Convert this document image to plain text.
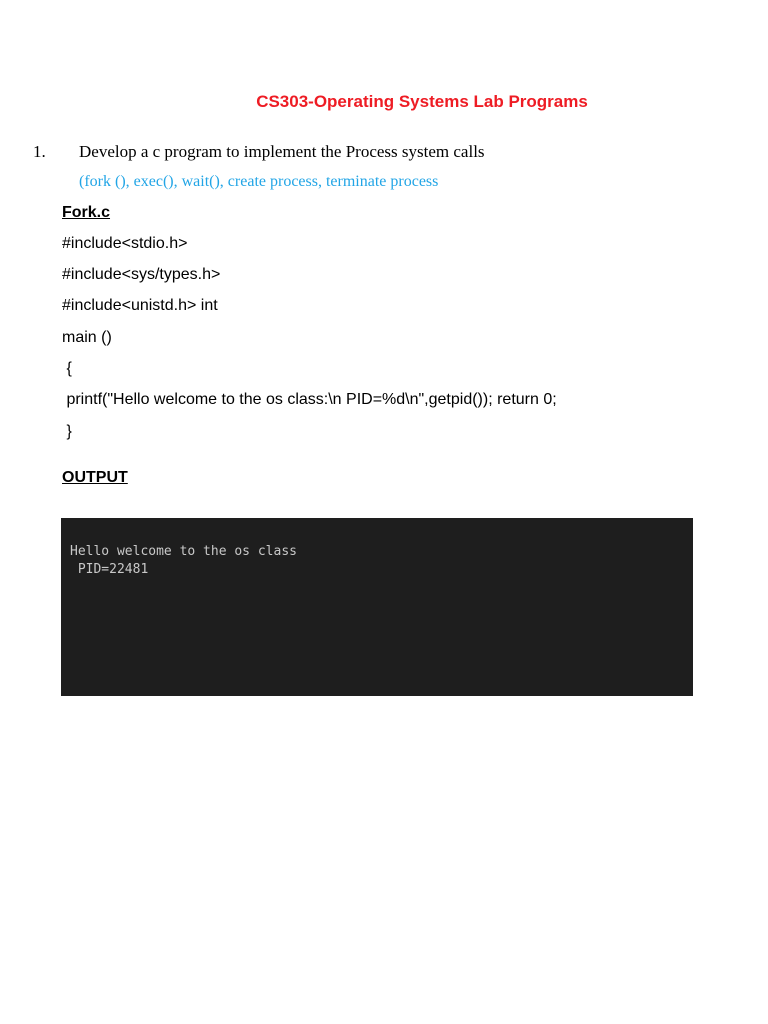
CS303-Operating Systems Lab Programs
1. Develop a c program to implement the Process system calls
(fork (), exec(), wait(), create process, terminate process
Fork.c
#include<stdio.h>
#include<sys/types.h>
#include<unistd.h> int
main ()
{
printf("Hello welcome to the os class:\n PID=%d\n",getpid()); return 0;
}
OUTPUT
Hello welcome to the os class
PID=22481
